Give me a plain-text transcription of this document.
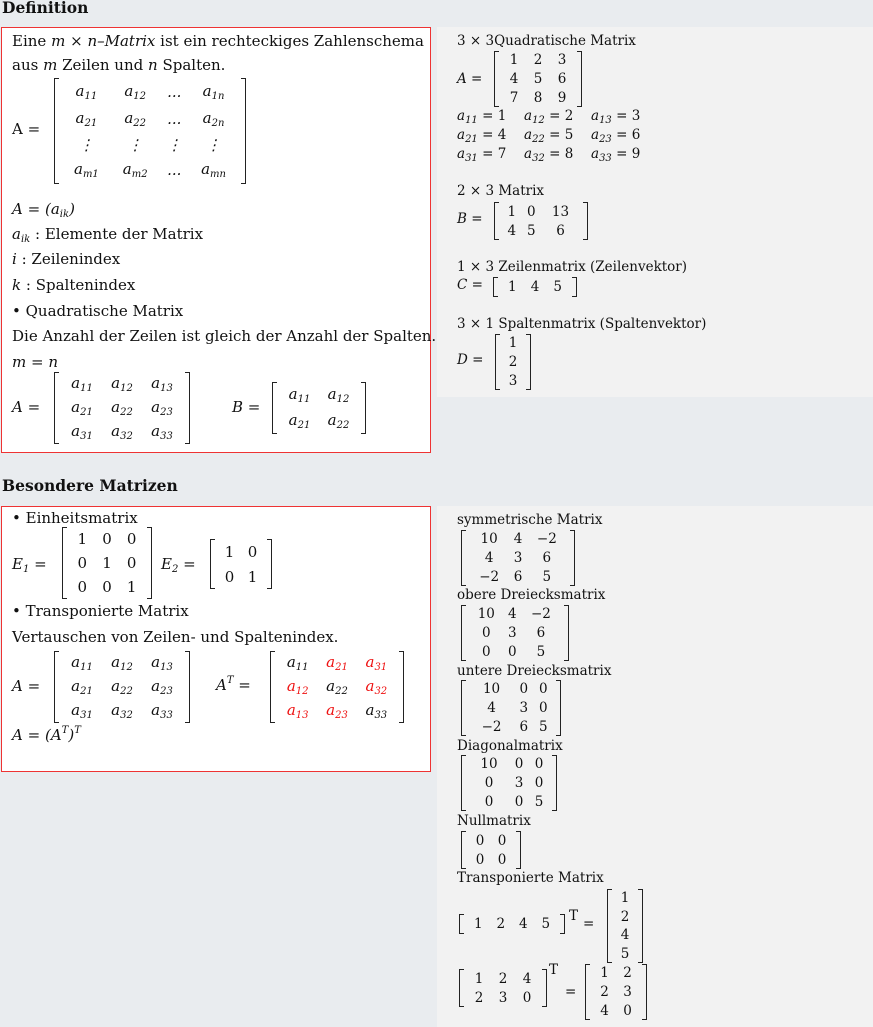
Definition
Eine m × n–Matrix ist ein rechteckiges Zahlenschema
aus m Zeilen und n Spalten.
A =
$a_{11}$	$a_{12}$	...	$a_{1n}$
$a_{21}$	$a_{22}$	...	$a_{2n}$
⋮	⋮	⋮	⋮
$a_{m1}$	$a_{m2}$	...	$a_{mn}$
$A = (a_{ik})$
$a_{ik}$ : Elemente der Matrix
i : Zeilenindex
k : Spaltenindex
• Quadratische Matrix
Die Anzahl der Zeilen ist gleich der Anzahl der Spalten.
m = n
A =
$a_{11}$	$a_{12}$	$a_{13}$
$a_{21}$	$a_{22}$	$a_{23}$
$a_{31}$	$a_{32}$	$a_{33}$
B =
$a_{11}$	$a_{12}$
$a_{21}$	$a_{22}$
3 × 3Quadratische Matrix
A =
1	2	3
4	5	6
7	8	9
$a_{11} = 1$ $a_{12} = 2$ $a_{13} = 3$
$a_{21} = 4$ $a_{22} = 5$ $a_{23} = 6$
$a_{31} = 7$ $a_{32} = 8$ $a_{33} = 9$
2 × 3 Matrix
B = 1	0	13
4	5	6
1 × 3 Zeilenmatrix (Zeilenvektor)
C = 1	4	5
3 × 1 Spaltenmatrix (Spaltenvektor)
D =
1
2
3
Besondere Matrizen
• Einheitsmatrix
$E_1$ =
1	0	0
0	1	0
0	0	1
$E_2$ =
1	0
0	1
• Transponierte Matrix
Vertauschen von Zeilen- und Spaltenindex.
A =
$a_{11}$	$a_{12}$	$a_{13}$
$a_{21}$	$a_{22}$	$a_{23}$
$a_{31}$	$a_{32}$	$a_{33}$
$A^T$ =
$a_{11}$	$a_{21}$	$a_{31}$
$a_{12}$	$a_{22}$	$a_{32}$
$a_{13}$	$a_{23}$	$a_{33}$
$A = (A^T)^T$
symmetrische Matrix
10	4	−2
4	3	6
−2	6	5
obere Dreiecksmatrix
10	4	−2
0	3	6
0	0	5
untere Dreiecksmatrix
10	0	0
4	3	0
−2	6	5
Diagonalmatrix
10	0	0
0	3	0
0	0	5
Nullmatrix
0	0
0	0
Transponierte Matrix
1	2	4	5 T =
1
2
4
5
1	2	4
2	3	0
T
=
1	2
2	3
4	0
